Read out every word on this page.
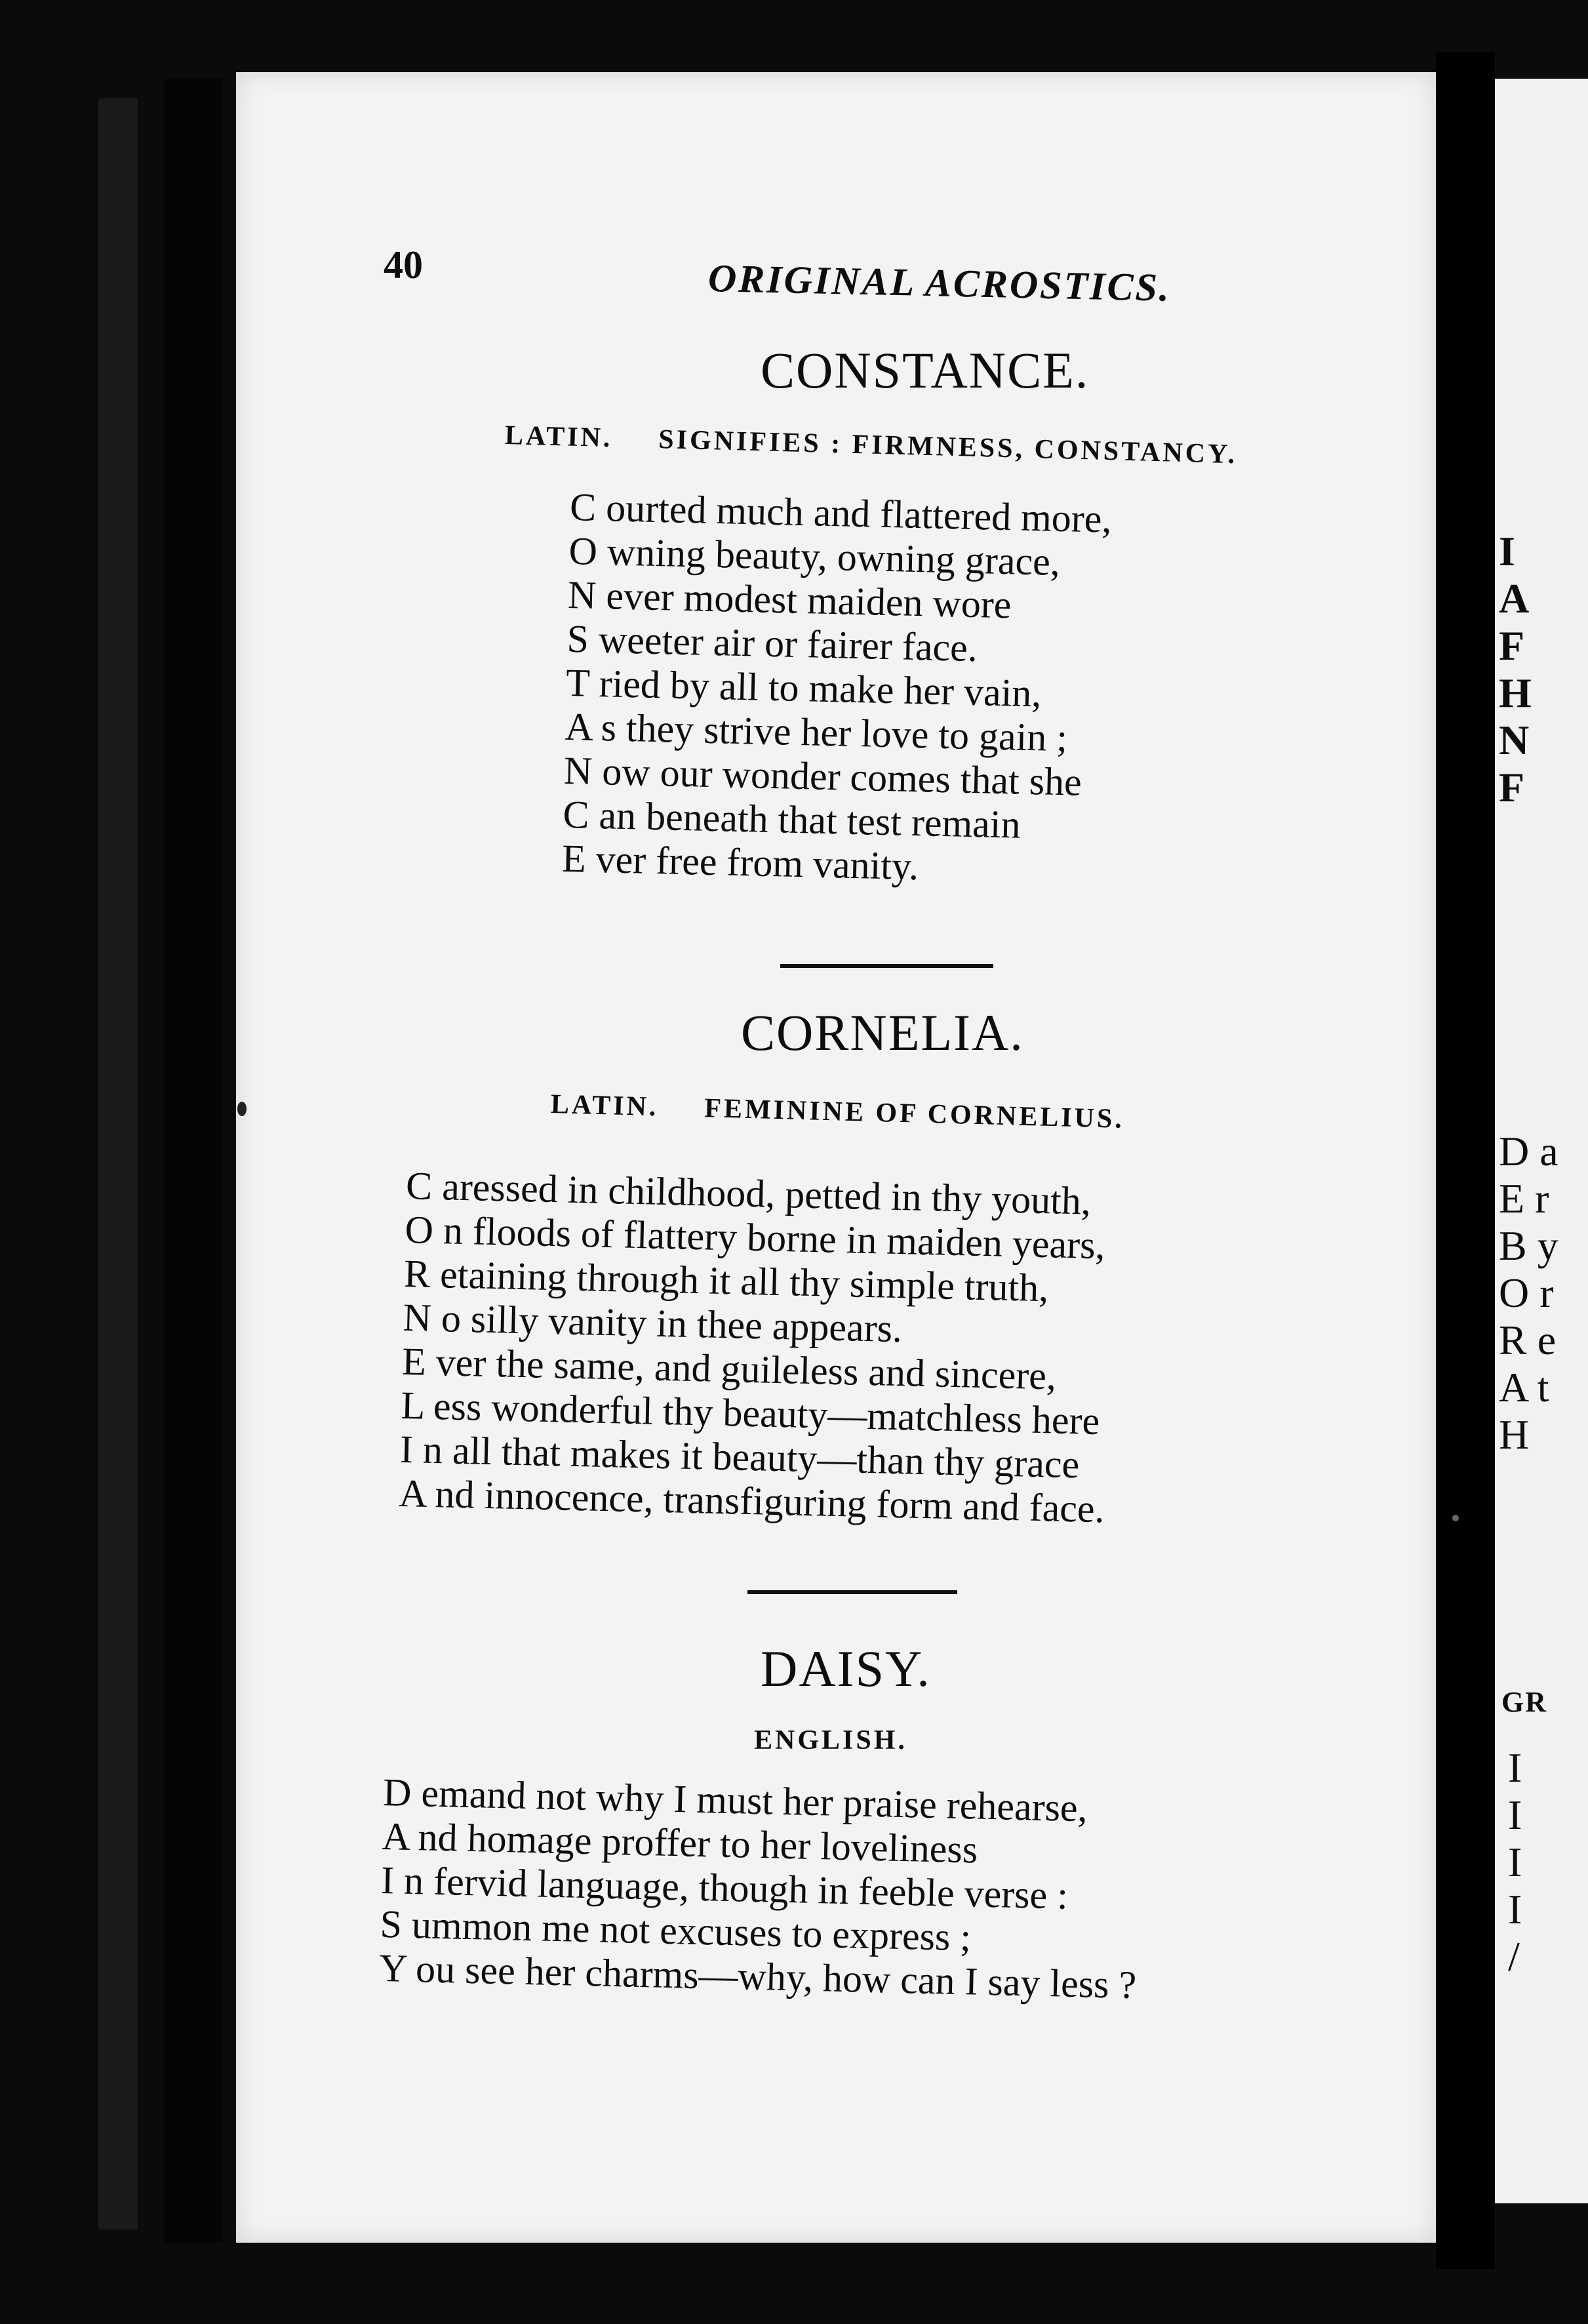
I
A
F
H
N
F
D a
E r
B y
O r
R e
A t
H
GR
I
I
I
I
/
40	ORIGINAL ACROSTICS.
CONSTANCE.
LATIN. SIGNIFIES : FIRMNESS, CONSTANCY.
C ourted much and flattered more,
O wning beauty, owning grace,
N ever modest maiden wore
S weeter air or fairer face.
T ried by all to make her vain,
A s they strive her love to gain ;
N ow our wonder comes that she
C an beneath that test remain
E ver free from vanity.
CORNELIA.
LATIN. FEMININE OF CORNELIUS.
C aressed in childhood, petted in thy youth,
O n floods of flattery borne in maiden years,
R etaining through it all thy simple truth,
N o silly vanity in thee appears.
E ver the same, and guileless and sincere,
L ess wonderful thy beauty—matchless here
I n all that makes it beauty—than thy grace
A nd innocence, transfiguring form and face.
DAISY.
ENGLISH.
D emand not why I must her praise rehearse,
A nd homage proffer to her loveliness
I n fervid language, though in feeble verse :
S ummon me not excuses to express ;
Y ou see her charms—why, how can I say less ?
